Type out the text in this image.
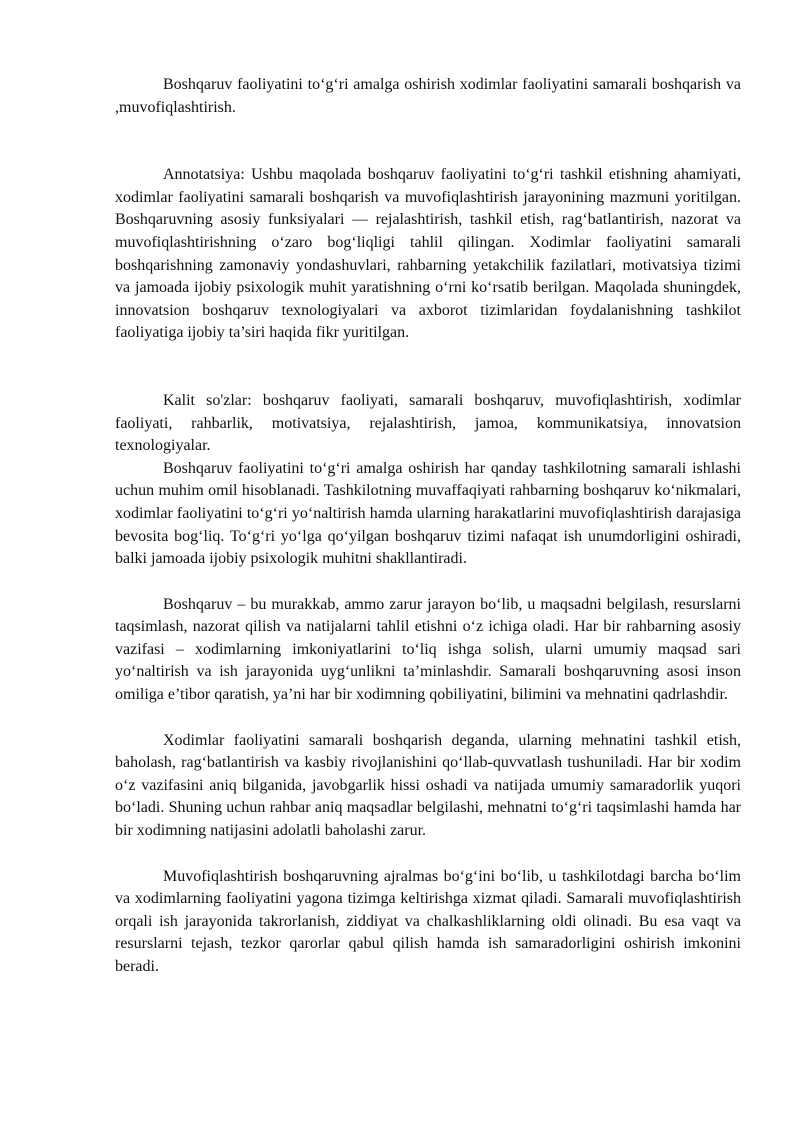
Boshqaruv faoliyatini to‘g‘ri amalga oshirish xodimlar faoliyatini samarali boshqarish va ,muvofiqlashtirish.

Annotatsiya: Ushbu maqolada boshqaruv faoliyatini to‘g‘ri tashkil etishning ahamiyati, xodimlar faoliyatini samarali boshqarish va muvofiqlashtirish jarayonining mazmuni yoritilgan. Boshqaruvning asosiy funksiyalari — rejalashtirish, tashkil etish, rag‘batlantirish, nazorat va muvofiqlashtirishning o‘zaro bog‘liqligi tahlil qilingan. Xodimlar faoliyatini samarali boshqarishning zamonaviy yondashuvlari, rahbarning yetakchilik fazilatlari, motivatsiya tizimi va jamoada ijobiy psixologik muhit yaratishning o‘rni ko‘rsatib berilgan. Maqolada shuningdek, innovatsion boshqaruv texnologiyalari va axborot tizimlaridan foydalanishning tashkilot faoliyatiga ijobiy ta’siri haqida fikr yuritilgan.

Kalit so'zlar: boshqaruv faoliyati, samarali boshqaruv, muvofiqlashtirish, xodimlar faoliyati, rahbarlik, motivatsiya, rejalashtirish, jamoa, kommunikatsiya, innovatsion texnologiyalar.

Boshqaruv faoliyatini to‘g‘ri amalga oshirish har qanday tashkilotning samarali ishlashi uchun muhim omil hisoblanadi. Tashkilotning muvaffaqiyati rahbarning boshqaruv ko‘nikmalari, xodimlar faoliyatini to‘g‘ri yo‘naltirish hamda ularning harakatlarini muvofiqlashtirish darajasiga bevosita bog‘liq. To‘g‘ri yo‘lga qo‘yilgan boshqaruv tizimi nafaqat ish unumdorligini oshiradi, balki jamoada ijobiy psixologik muhitni shakllantiradi.

Boshqaruv – bu murakkab, ammo zarur jarayon bo‘lib, u maqsadni belgilash, resurslarni taqsimlash, nazorat qilish va natijalarni tahlil etishni o‘z ichiga oladi. Har bir rahbarning asosiy vazifasi – xodimlarning imkoniyatlarini to‘liq ishga solish, ularni umumiy maqsad sari yo‘naltirish va ish jarayonida uyg‘unlikni ta’minlashdir. Samarali boshqaruvning asosi inson omiliga e’tibor qaratish, ya’ni har bir xodimning qobiliyatini, bilimini va mehnatini qadrlashdir.

Xodimlar faoliyatini samarali boshqarish deganda, ularning mehnatini tashkil etish, baholash, rag‘batlantirish va kasbiy rivojlanishini qo‘llab-quvvatlash tushuniladi. Har bir xodim o‘z vazifasini aniq bilganida, javobgarlik hissi oshadi va natijada umumiy samaradorlik yuqori bo‘ladi. Shuning uchun rahbar aniq maqsadlar belgilashi, mehnatni to‘g‘ri taqsimlashi hamda har bir xodimning natijasini adolatli baholashi zarur.

Muvofiqlashtirish boshqaruvning ajralmas bo‘g‘ini bo‘lib, u tashkilotdagi barcha bo‘lim va xodimlarning faoliyatini yagona tizimga keltirishga xizmat qiladi. Samarali muvofiqlashtirish orqali ish jarayonida takrorlanish, ziddiyat va chalkashliklarning oldi olinadi. Bu esa vaqt va resurslarni tejash, tezkor qarorlar qabul qilish hamda ish samaradorligini oshirish imkonini beradi.
